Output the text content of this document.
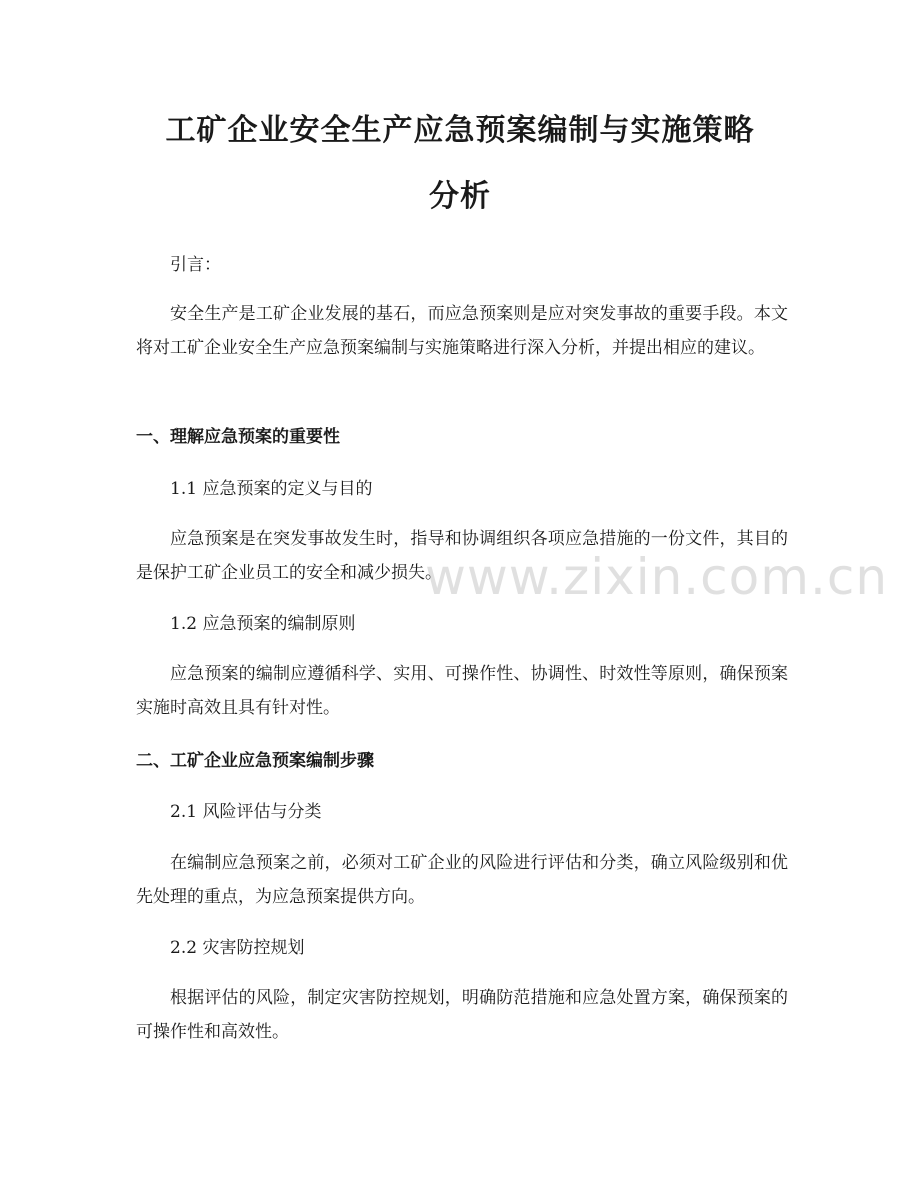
工矿企业安全生产应急预案编制与实施策略
分析

引言：

安全生产是工矿企业发展的基石，而应急预案则是应对突发事故的重要手段。本文将对工矿企业安全生产应急预案编制与实施策略进行深入分析，并提出相应的建议。

一、理解应急预案的重要性

1.1 应急预案的定义与目的

应急预案是在突发事故发生时，指导和协调组织各项应急措施的一份文件，其目的是保护工矿企业员工的安全和减少损失。

1.2 应急预案的编制原则

应急预案的编制应遵循科学、实用、可操作性、协调性、时效性等原则，确保预案实施时高效且具有针对性。

二、工矿企业应急预案编制步骤

2.1 风险评估与分类

在编制应急预案之前，必须对工矿企业的风险进行评估和分类，确立风险级别和优先处理的重点，为应急预案提供方向。

2.2 灾害防控规划

根据评估的风险，制定灾害防控规划，明确防范措施和应急处置方案，确保预案的可操作性和高效性。

www.zixin.com.cn
